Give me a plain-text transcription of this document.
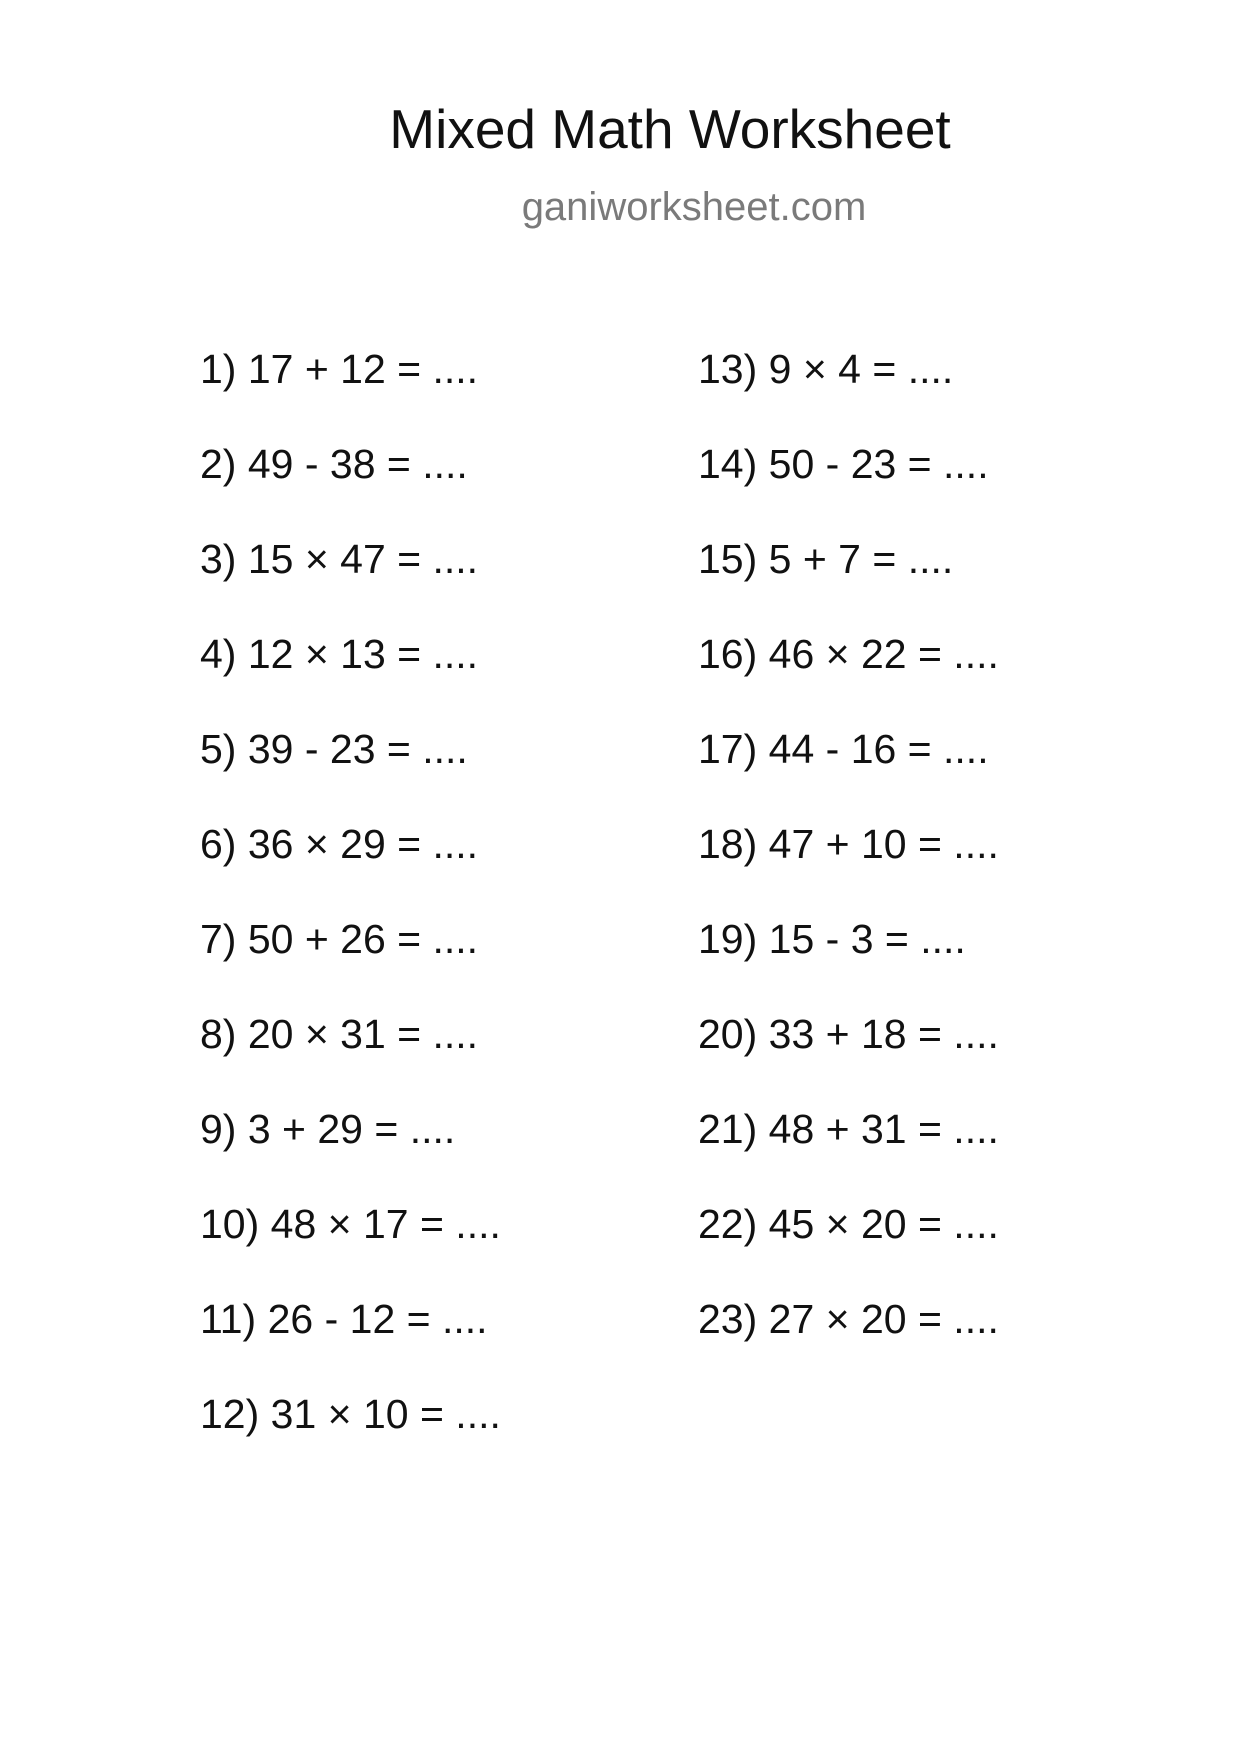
Mixed Math Worksheet
ganiworksheet.com
1) 17 + 12 = ....
2) 49 - 38 = ....
3) 15 × 47 = ....
4) 12 × 13 = ....
5) 39 - 23 = ....
6) 36 × 29 = ....
7) 50 + 26 = ....
8) 20 × 31 = ....
9) 3 + 29 = ....
10) 48 × 17 = ....
11) 26 - 12 = ....
12) 31 × 10 = ....
13) 9 × 4 = ....
14) 50 - 23 = ....
15) 5 + 7 = ....
16) 46 × 22 = ....
17) 44 - 16 = ....
18) 47 + 10 = ....
19) 15 - 3 = ....
20) 33 + 18 = ....
21) 48 + 31 = ....
22) 45 × 20 = ....
23) 27 × 20 = ....
